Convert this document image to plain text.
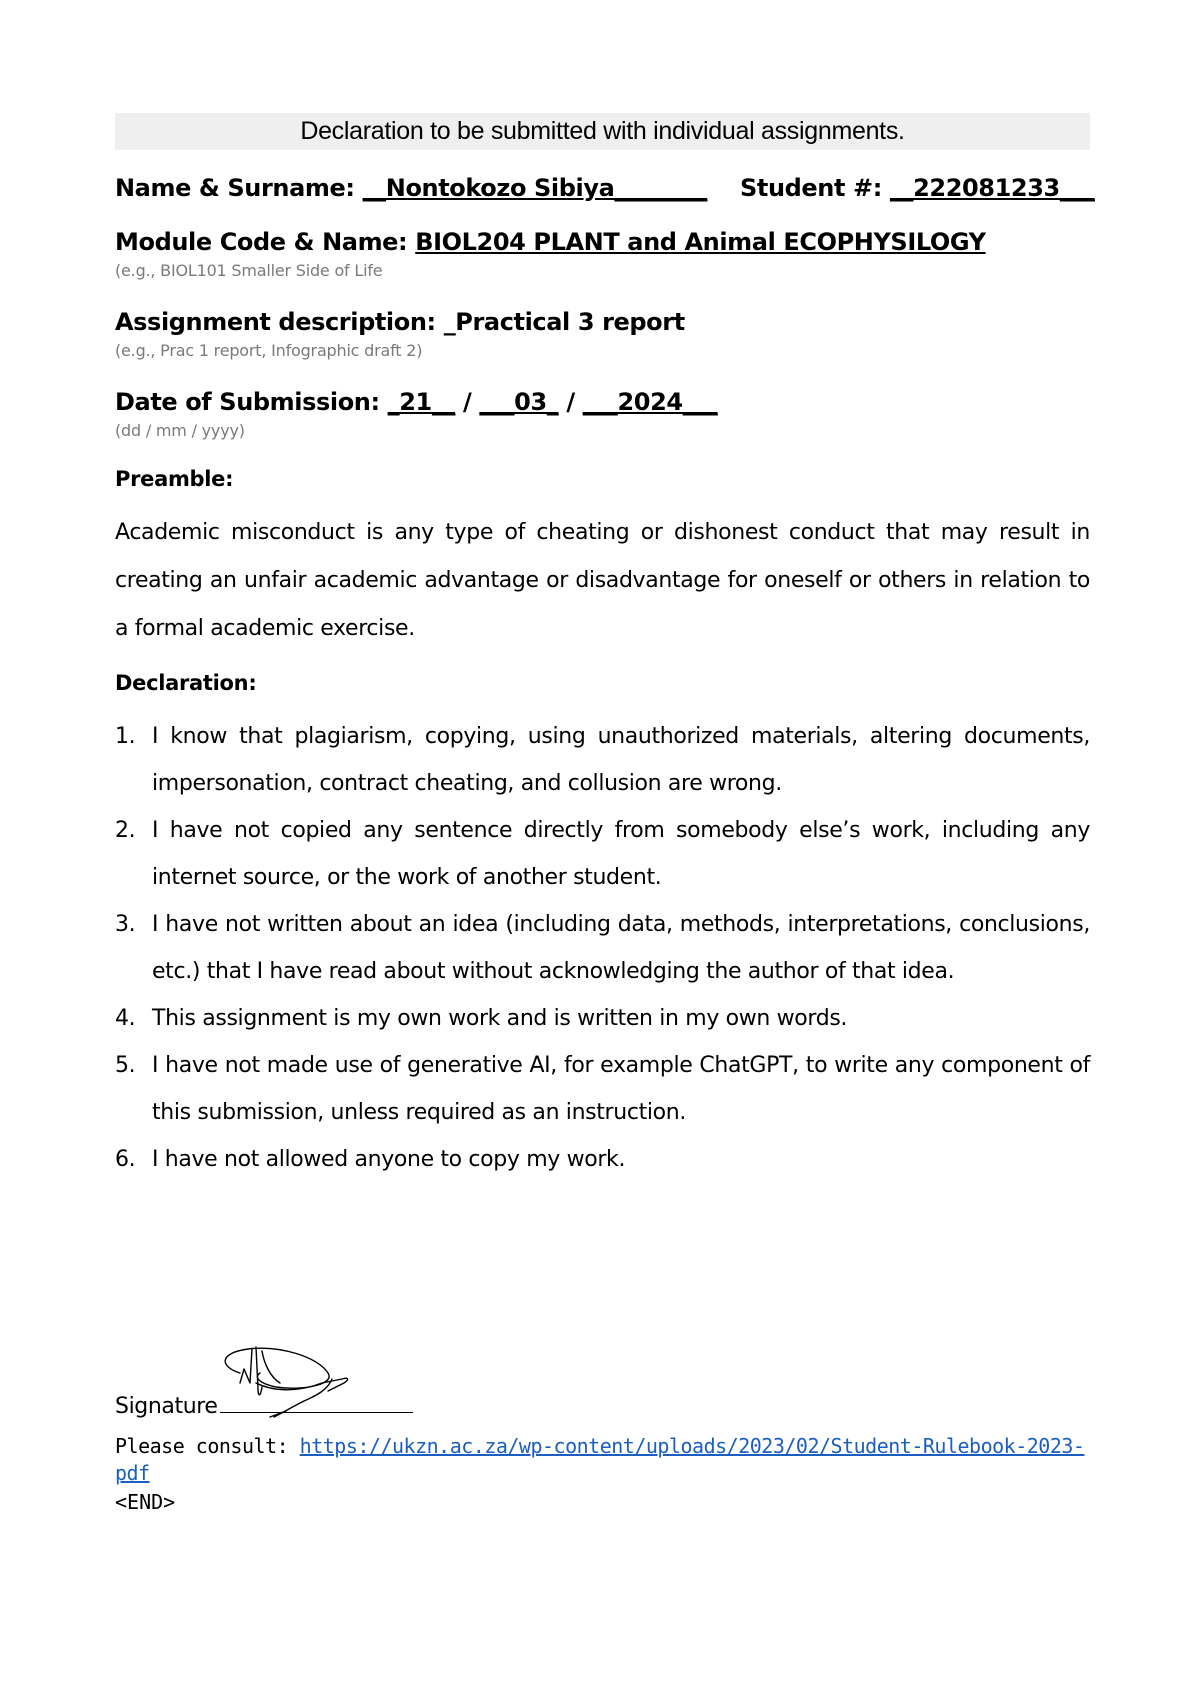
Declaration to be submitted with individual assignments.
Name & Surname: __Nontokozo Sibiya________ Student #: __222081233___
Module Code & Name: BIOL204 PLANT and Animal ECOPHYSILOGY
(e.g., BIOL101 Smaller Side of Life
Assignment description: _Practical 3 report
(e.g., Prac 1 report, Infographic draft 2)
Date of Submission: _21__ / ___03_ / ___2024___
(dd / mm / yyyy)
Preamble:
Academic misconduct is any type of cheating or dishonest conduct that may result in creating an unfair academic advantage or disadvantage for oneself or others in relation to a formal academic exercise.
Declaration:
1. I know that plagiarism, copying, using unauthorized materials, altering documents, impersonation, contract cheating, and collusion are wrong.
2. I have not copied any sentence directly from somebody else’s work, including any internet source, or the work of another student.
3. I have not written about an idea (including data, methods, interpretations, conclusions, etc.) that I have read about without acknowledging the author of that idea.
4. This assignment is my own work and is written in my own words.
5. I have not made use of generative AI, for example ChatGPT, to write any component of this submission, unless required as an instruction.
6. I have not allowed anyone to copy my work.
Signature
Please consult: https://ukzn.ac.za/wp-content/uploads/2023/02/Student-Rulebook-2023-pdf
<END>
